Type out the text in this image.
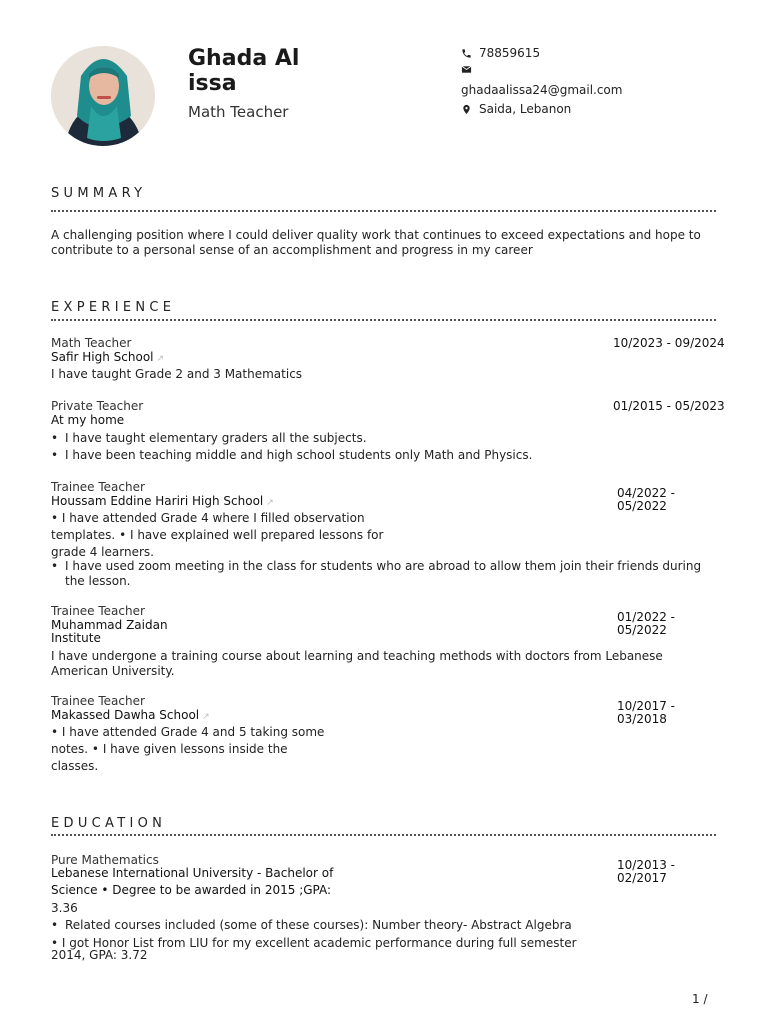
Ghada Al
issa
Math Teacher
78859615
ghadaalissa24@gmail.com
Saida, Lebanon
SUMMARY
A challenging position where I could deliver quality work that continues to exceed expectations and hope to contribute to a personal sense of an accomplishment and progress in my career
EXPERIENCE
Math Teacher	10/2023 - 09/2024
Safir High School ↗
I have taught Grade 2 and 3 Mathematics
Private Teacher	01/2015 - 05/2023
At my home
• I have taught elementary graders all the subjects.
• I have been teaching middle and high school students only Math and Physics.
Trainee Teacher
Houssam Eddine Hariri High School ↗
04/2022 -
05/2022
• I have attended Grade 4 where I filled observation
templates. • I have explained well prepared lessons for
grade 4 learners.
• I have used zoom meeting in the class for students who are abroad to allow them join their friends during the lesson.
Trainee Teacher
Muhammad Zaidan
Institute
01/2022 -
05/2022
I have undergone a training course about learning and teaching methods with doctors from Lebanese American University.
Trainee Teacher
Makassed Dawha School ↗
10/2017 -
03/2018
• I have attended Grade 4 and 5 taking some
notes. • I have given lessons inside the
classes.
EDUCATION
Pure Mathematics
Lebanese International University - Bachelor of
Science • Degree to be awarded in 2015 ;GPA:
3.36
10/2013 -
02/2017
• Related courses included (some of these courses): Number theory- Abstract Algebra
• I got Honor List from LIU for my excellent academic performance during full semester
2014, GPA: 3.72
1 /
